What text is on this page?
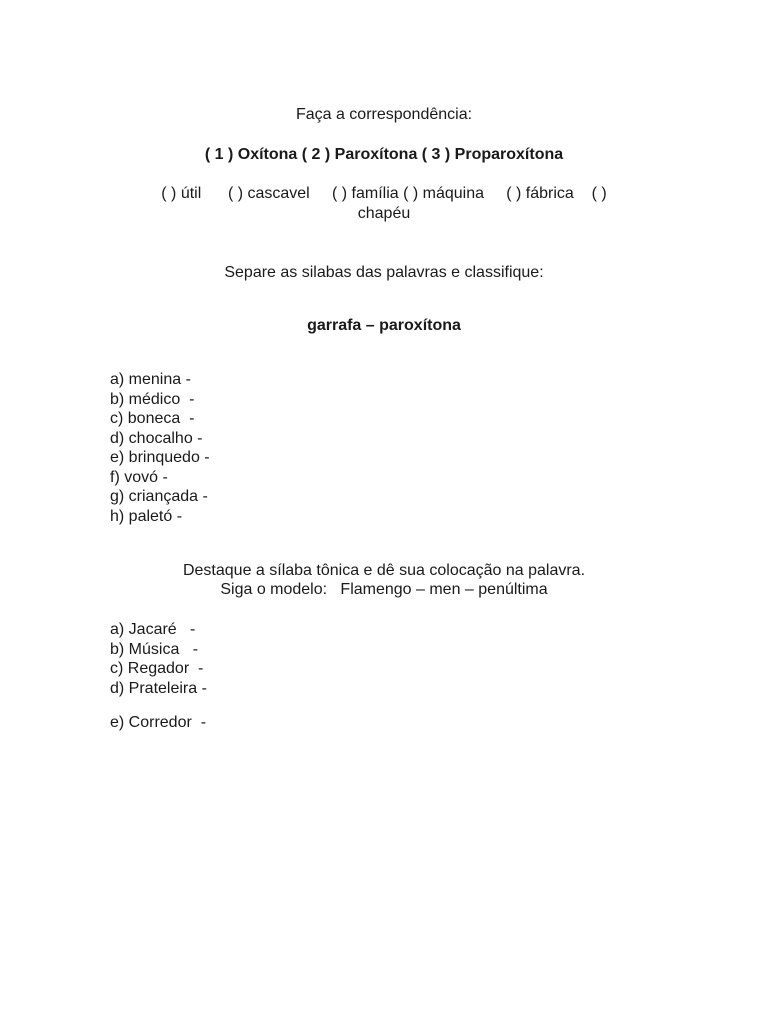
Faça a correspondência:
( 1 ) Oxítona ( 2 ) Paroxítona ( 3 ) Proparoxítona
( ) útil ( ) cascavel ( ) família ( ) máquina ( ) fábrica ( )
chapéu
Separe as silabas das palavras e classifique:
garrafa – paroxítona
a) menina -
b) médico  -
c) boneca  -
d) chocalho -
e) brinquedo -
f) vovó -
g) criançada -
h) paletó -
Destaque a sílaba tônica e dê sua colocação na palavra.
Siga o modelo:   Flamengo – men – penúltima
a) Jacaré   -
b) Música   -
c) Regador  -
d) Prateleira -
e) Corredor  -
